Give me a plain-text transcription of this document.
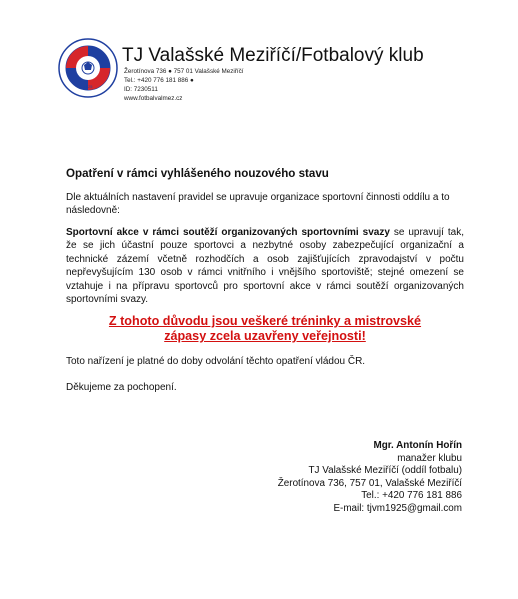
1925
TJ Valašské Meziříčí/Fotbalový klub
Žerotínova 736 ● 757 01 Valašské Meziříčí
Tel.: +420 776 181 886 ●
ID: 7230511
www.fotbalvalmez.cz
Opatření v rámci vyhlášeného nouzového stavu
Dle aktuálních nastavení pravidel se upravuje organizace sportovní činnosti oddílu a to následovně:
Sportovní akce v rámci soutěží organizovaných sportovními svazy se upravují tak, že se jich účastní pouze sportovci a nezbytné osoby zabezpečující organizační a technické zázemí včetně rozhodčích a osob zajišťujících zpravodajství v počtu nepřevyšujícím 130 osob v rámci vnitřního i vnějšího sportoviště; stejné omezení se vztahuje i na přípravu sportovců pro sportovní akce v rámci soutěží organizovaných sportovními svazy.
Z tohoto důvodu jsou veškeré tréninky a mistrovské
zápasy zcela uzavřeny veřejnosti!
Toto nařízení je platné do doby odvolání těchto opatření vládou ČR.
Děkujeme za pochopení.
Mgr. Antonín Hořín
manažer klubu
TJ Valašské Meziříčí (oddíl fotbalu)
Žerotínova 736, 757 01, Valašské Meziříčí
Tel.: +420 776 181 886
E-mail: tjvm1925@gmail.com
